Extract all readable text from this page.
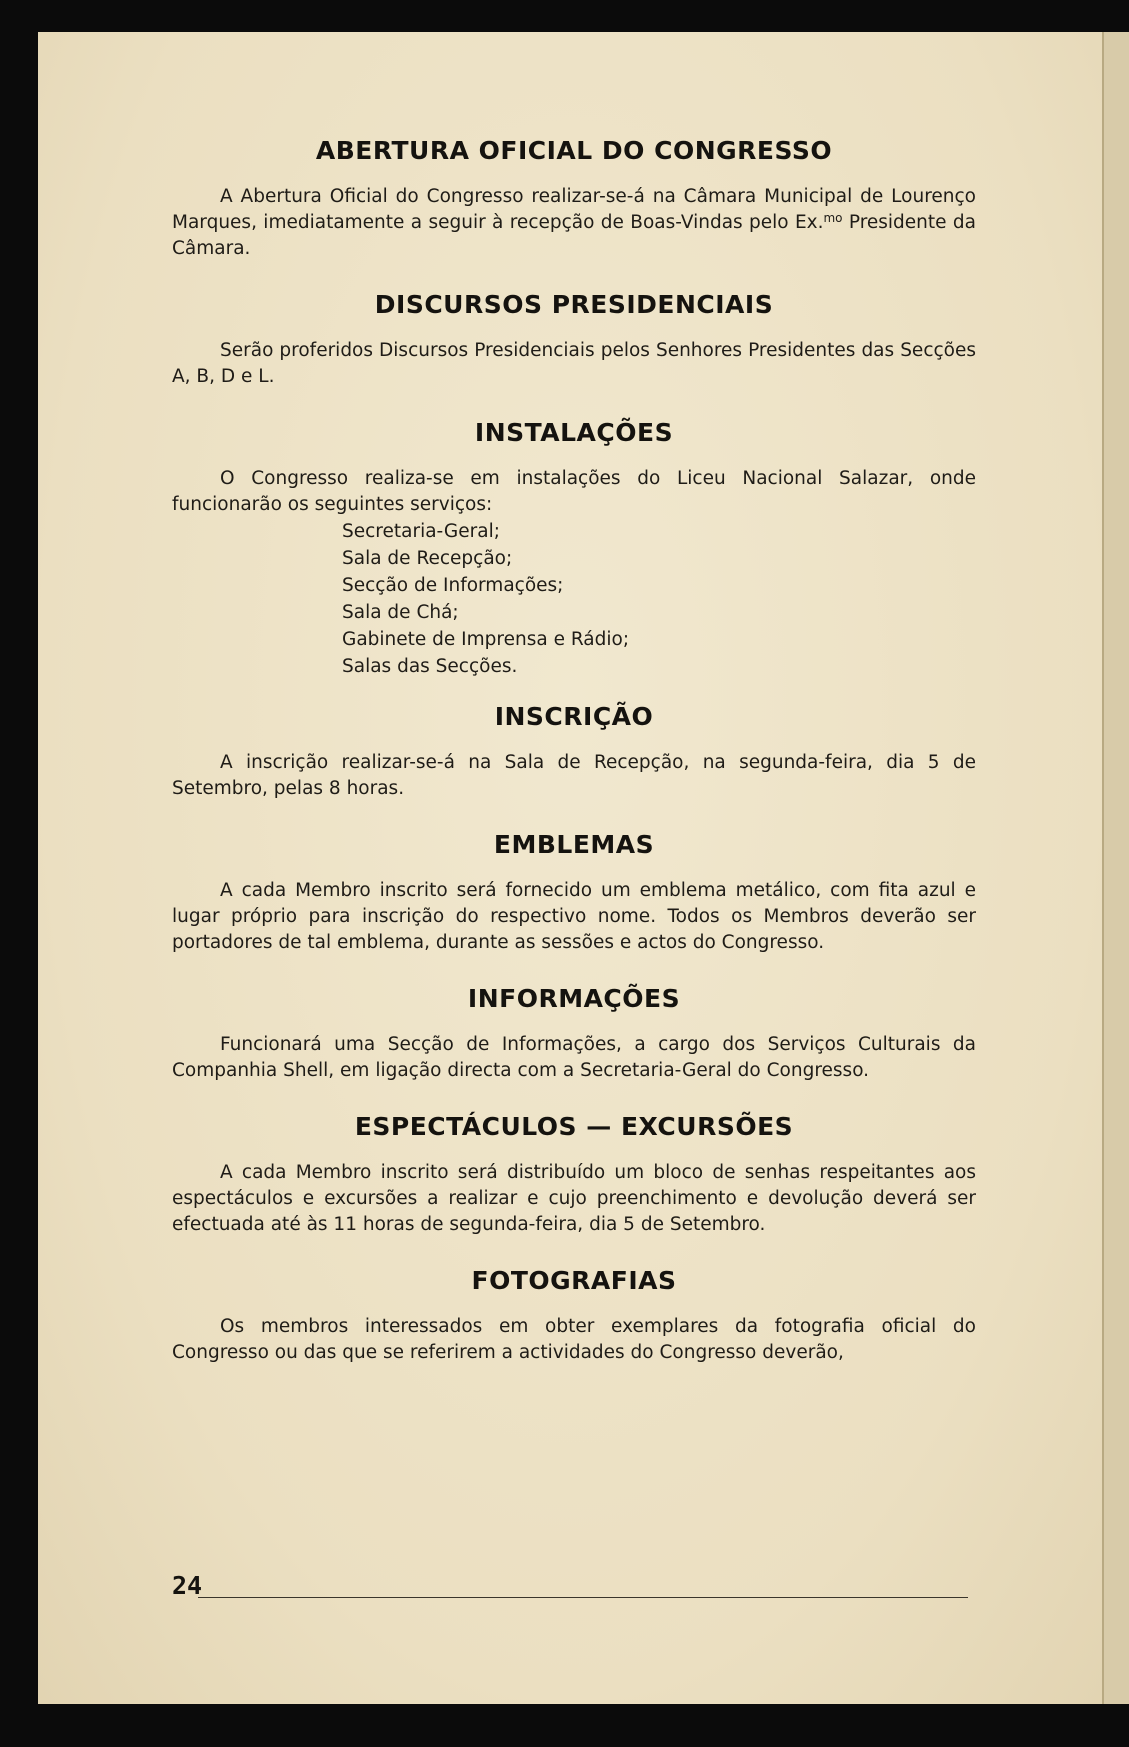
ABERTURA OFICIAL DO CONGRESSO

A Abertura Oficial do Congresso realizar-se-á na Câmara Municipal de Lourenço Marques, imediatamente a seguir à recepção de Boas-Vindas pelo Ex.$^{mo}$ Presidente da Câmara.

DISCURSOS PRESIDENCIAIS

Serão proferidos Discursos Presidenciais pelos Senhores Presidentes das Secções A, B, D e L.

INSTALAÇÕES

O Congresso realiza-se em instalações do Liceu Nacional Salazar, onde funcionarão os seguintes serviços:

Secretaria-Geral;
Sala de Recepção;
Secção de Informações;
Sala de Chá;
Gabinete de Imprensa e Rádio;
Salas das Secções.
INSCRIÇÃO

A inscrição realizar-se-á na Sala de Recepção, na segunda-feira, dia 5 de Setembro, pelas 8 horas.

EMBLEMAS

A cada Membro inscrito será fornecido um emblema metálico, com fita azul e lugar próprio para inscrição do respectivo nome. Todos os Membros deverão ser portadores de tal emblema, durante as sessões e actos do Congresso.

INFORMAÇÕES

Funcionará uma Secção de Informações, a cargo dos Serviços Culturais da Companhia Shell, em ligação directa com a Secretaria-Geral do Congresso.

ESPECTÁCULOS — EXCURSÕES

A cada Membro inscrito será distribuído um bloco de senhas respeitantes aos espectáculos e excursões a realizar e cujo preenchimento e devolução deverá ser efectuada até às 11 horas de segunda-feira, dia 5 de Setembro.

FOTOGRAFIAS

Os membros interessados em obter exemplares da fotografia oficial do Congresso ou das que se referirem a actividades do Congresso deverão,

24
